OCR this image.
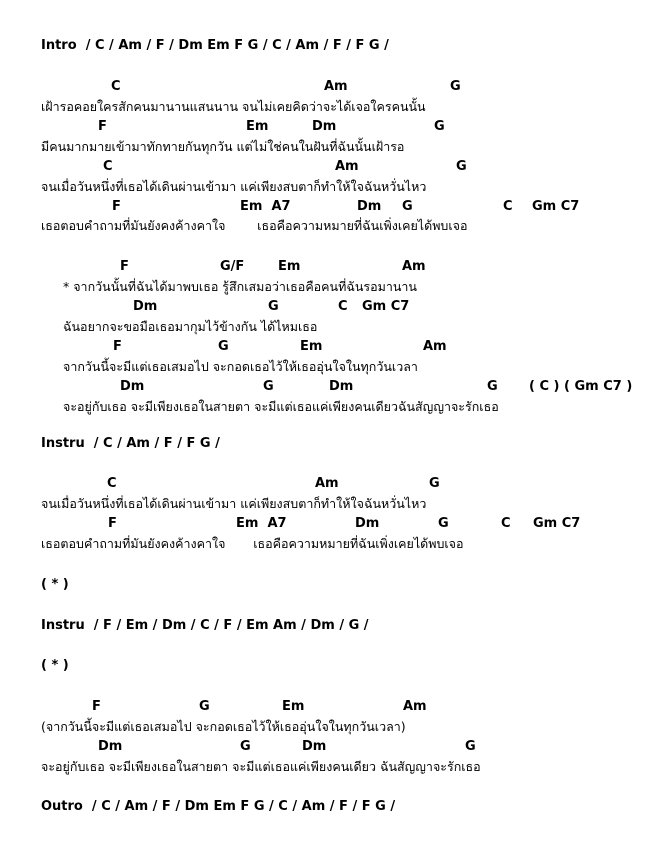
Intro  / C / Am / F / Dm Em F G / C / Am / F / F G /
C	Am	G
เฝ้ารอคอยใครสักคนมานานแสนนาน จนไม่เคยคิดว่าจะได้เจอใครคนนั้น
F	Em	Dm	G
มีคนมากมายเข้ามาทักทายกันทุกวัน แต่ไม่ใช่คนในฝันที่ฉันนั้นเฝ้ารอ
C	Am	G
จนเมื่อวันหนึ่งที่เธอได้เดินผ่านเข้ามา แค่เพียงสบตาก็ทำให้ใจฉันหวั่นไหว
F	Em  A7	Dm G	C Gm C7
เธอตอบคำถามที่มันยังคงค้างคาใจ        เธอคือความหมายที่ฉันเพิ่งเคยได้พบเจอ
F	G/F	Em	Am
* จากวันนั้นที่ฉันได้มาพบเธอ รู้สึกเสมอว่าเธอคือคนที่ฉันรอมานาน
Dm	G	C Gm C7
ฉันอยากจะขอมือเธอมากุมไว้ข้างกัน ได้ไหมเธอ
F	G	Em	Am
จากวันนี้จะมีแต่เธอเสมอไป จะกอดเธอไว้ให้เธออุ่นใจในทุกวันเวลา
Dm	G	Dm	G ( C ) ( Gm C7 )
จะอยู่กับเธอ จะมีเพียงเธอในสายตา จะมีแต่เธอแค่เพียงคนเดียวฉันสัญญาจะรักเธอ
Instru  / C / Am / F / F G /
C	Am	G
จนเมื่อวันหนึ่งที่เธอได้เดินผ่านเข้ามา แค่เพียงสบตาก็ทำให้ใจฉันหวั่นไหว
F	Em  A7	Dm	G	C Gm C7
เธอตอบคำถามที่มันยังคงค้างคาใจ       เธอคือความหมายที่ฉันเพิ่งเคยได้พบเจอ
( * )
Instru  / F / Em / Dm / C / F / Em Am / Dm / G /
( * )
F	G	Em	Am
(จากวันนี้จะมีแต่เธอเสมอไป จะกอดเธอไว้ให้เธออุ่นใจในทุกวันเวลา)
Dm	G	Dm	G
จะอยู่กับเธอ จะมีเพียงเธอในสายตา จะมีแต่เธอแค่เพียงคนเดียว ฉันสัญญาจะรักเธอ
Outro  / C / Am / F / Dm Em F G / C / Am / F / F G /
